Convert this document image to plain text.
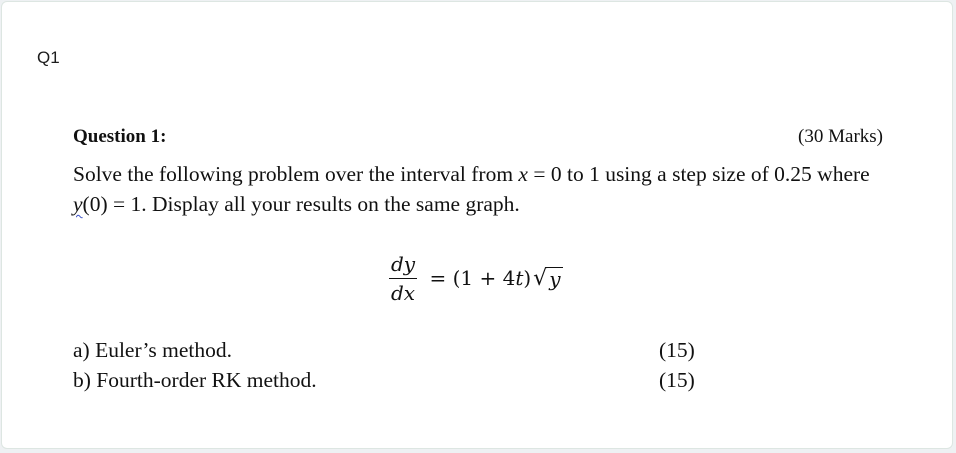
Q1
Question 1:	(30 Marks)
Solve the following problem over the interval from x = 0 to 1 using a step size of 0.25 where y(0) = 1. Display all your results on the same graph.
$\frac{dy}{dx} = (1 + 4$ t ) √ y
a) Euler’s method.	(15)
b) Fourth-order RK method.	(15)
